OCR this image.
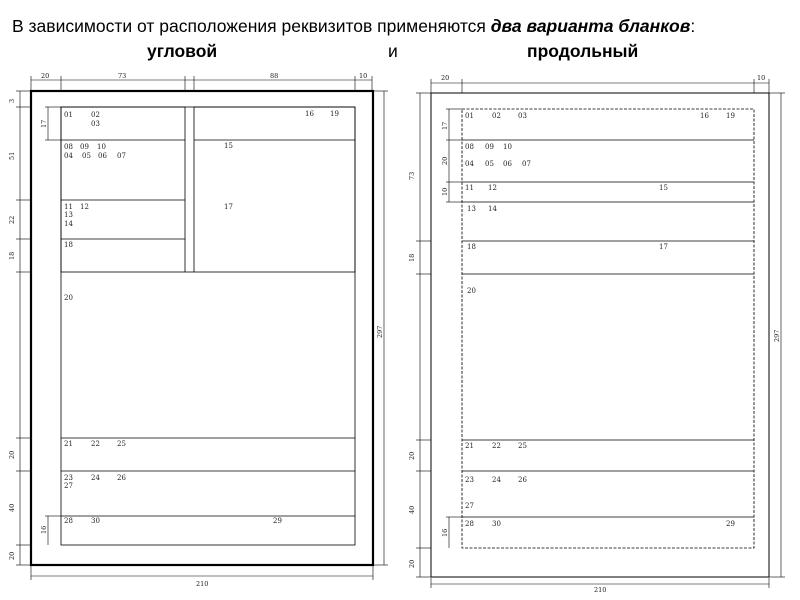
В зависимости от расположения реквизитов применяются два варианта бланков:
угловой	и	продольный
20	73	88	10
3
51
22
18
20
40
20
17
16
297
210
01	02
03
08 09 10
04 05 06 07
11 12
13
14
18
16 19
15
17
20
21	22 25
23	24 26
27
28	30	29
20	10
73
18
20
40
20
17
20
10
16
297
210
01	02 03	16 19
08 09 10
04 05 06 07
11 12	15
13 14
18	17
20
21	22 25
23	24 26
27
28	30	29
